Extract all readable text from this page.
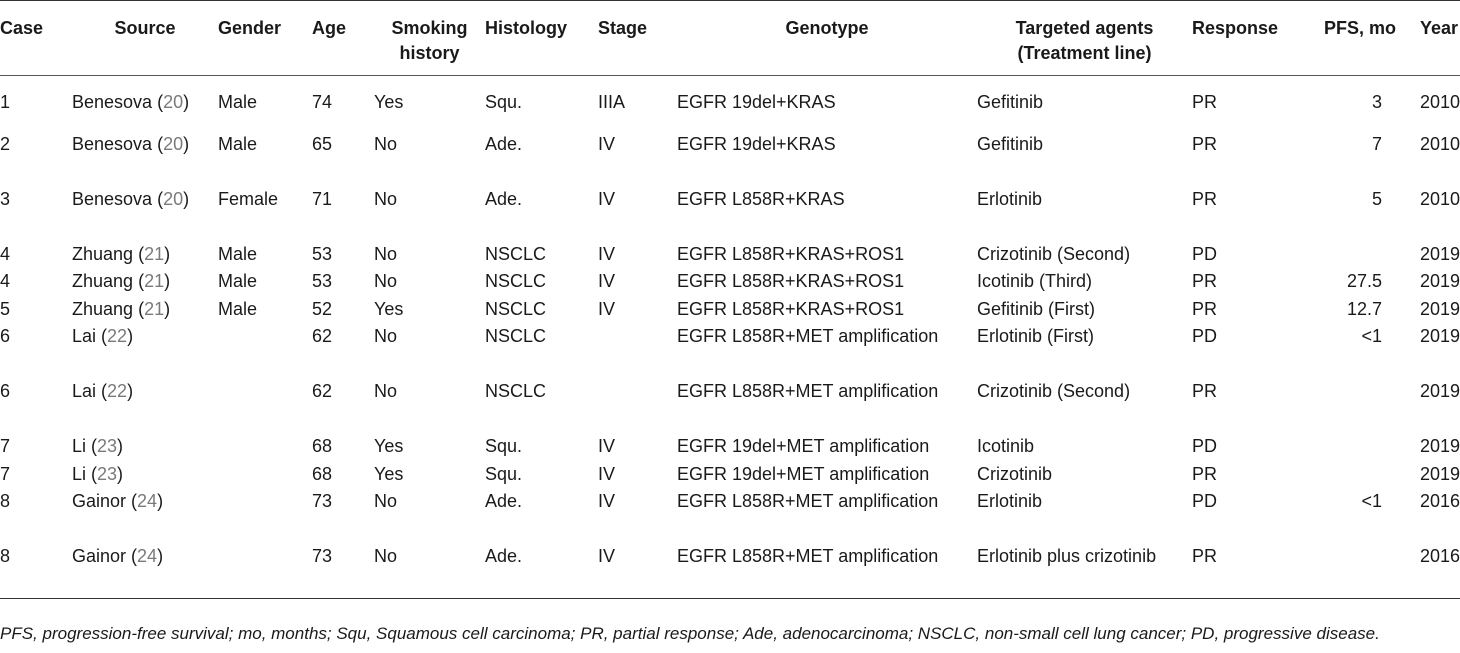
Case	Source	Gender	Age	Smoking history	Histology	Stage	Genotype	Targeted agents (Treatment line)	Response	PFS, mo	Year
1	Benesova (20)	Male	74	Yes	Squ.	IIIA	EGFR 19del+KRAS	Gefitinib	PR	3	2010
2	Benesova (20)	Male	65	No	Ade.	IV	EGFR 19del+KRAS	Gefitinib	PR	7	2010
3	Benesova (20)	Female	71	No	Ade.	IV	EGFR L858R+KRAS	Erlotinib	PR	5	2010
4	Zhuang (21)	Male	53	No	NSCLC	IV	EGFR L858R+KRAS+ROS1	Crizotinib (Second)	PD		2019
4	Zhuang (21)	Male	53	No	NSCLC	IV	EGFR L858R+KRAS+ROS1	Icotinib (Third)	PR	27.5	2019
5	Zhuang (21)	Male	52	Yes	NSCLC	IV	EGFR L858R+KRAS+ROS1	Gefitinib (First)	PR	12.7	2019
6	Lai (22)		62	No	NSCLC		EGFR L858R+MET amplification	Erlotinib (First)	PD	<1	2019
6	Lai (22)		62	No	NSCLC		EGFR L858R+MET amplification	Crizotinib (Second)	PR		2019
7	Li (23)		68	Yes	Squ.	IV	EGFR 19del+MET amplification	Icotinib	PD		2019
7	Li (23)		68	Yes	Squ.	IV	EGFR 19del+MET amplification	Crizotinib	PR		2019
8	Gainor (24)		73	No	Ade.	IV	EGFR L858R+MET amplification	Erlotinib	PD	<1	2016
8	Gainor (24)		73	No	Ade.	IV	EGFR L858R+MET amplification	Erlotinib plus crizotinib	PR		2016
PFS, progression-free survival; mo, months; Squ, Squamous cell carcinoma; PR, partial response; Ade, adenocarcinoma; NSCLC, non-small cell lung cancer; PD, progressive disease.
